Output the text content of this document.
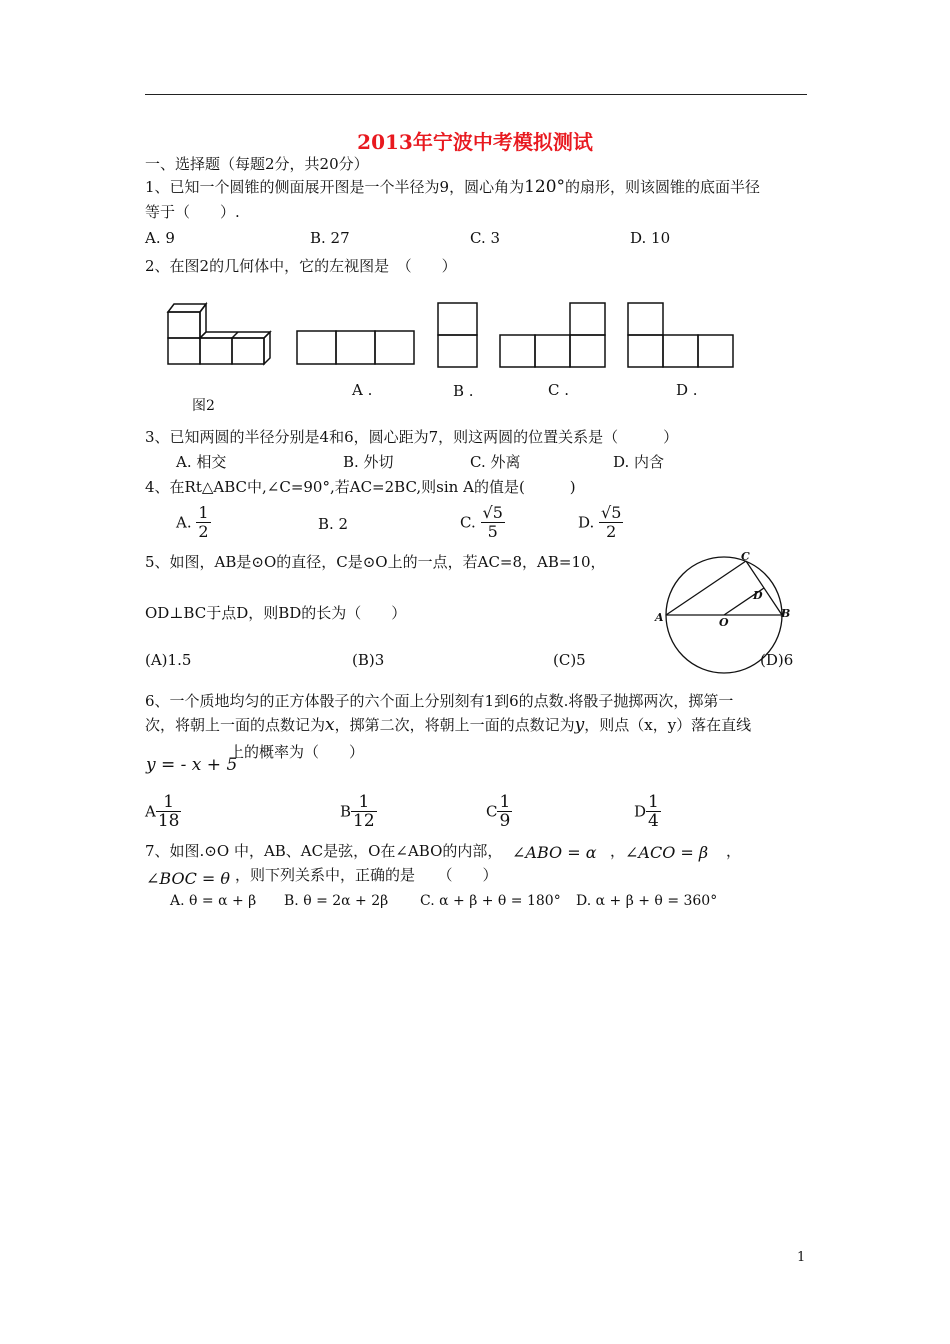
2013年宁波中考模拟测试
一、选择题（每题2分，共20分）
1、已知一个圆锥的侧面展开图是一个半径为9，圆心角为120°的扇形，则该圆锥的底面半径
等于（　　）.
A. 9	B. 27	C. 3	D. 10
2、在图2的几何体中，它的左视图是　（　　）
图2
A .	B .	C .	D .
3、已知两圆的半径分别是4和6，圆心距为7，则这两圆的位置关系是（　　　）
A. 相交	B. 外切	C. 外离	D. 内含
4、在Rt△ABC中,∠C=90°,若AC=2BC,则sin A的值是(　　　)
A. $\frac{1}{2}$	B. 2	C. $\frac{√5}{5}$	D. $\frac{√5}{2}$
5、如图，AB是⊙O的直径，C是⊙O上的一点，若AC=8，AB=10，
OD⊥BC于点D，则BD的长为（　　）
(A)1.5	(B)3	(C)5
C
D
A	B
O
(D)6
6、一个质地均匀的正方体骰子的六个面上分别刻有1到6的点数.将骰子抛掷两次，掷第一
次，将朝上一面的点数记为x，掷第二次，将朝上一面的点数记为y，则点（x，y）落在直线
y = - x + 5
上的概率为（　　）
A $\frac{1}{18}$	B $\frac{1}{12}$	C $\frac{1}{9}$	D $\frac{1}{4}$
7、如图.⊙O 中，AB、AC是弦，O在∠ABO的内部， ∠ABO = α ， ∠ACO = β ，
∠BOC = θ ，则下列关系中，正确的是　　（　　）
A. θ = α + β B. θ = 2α + 2β C. α + β + θ = 180° D. α + β + θ = 360°
1
